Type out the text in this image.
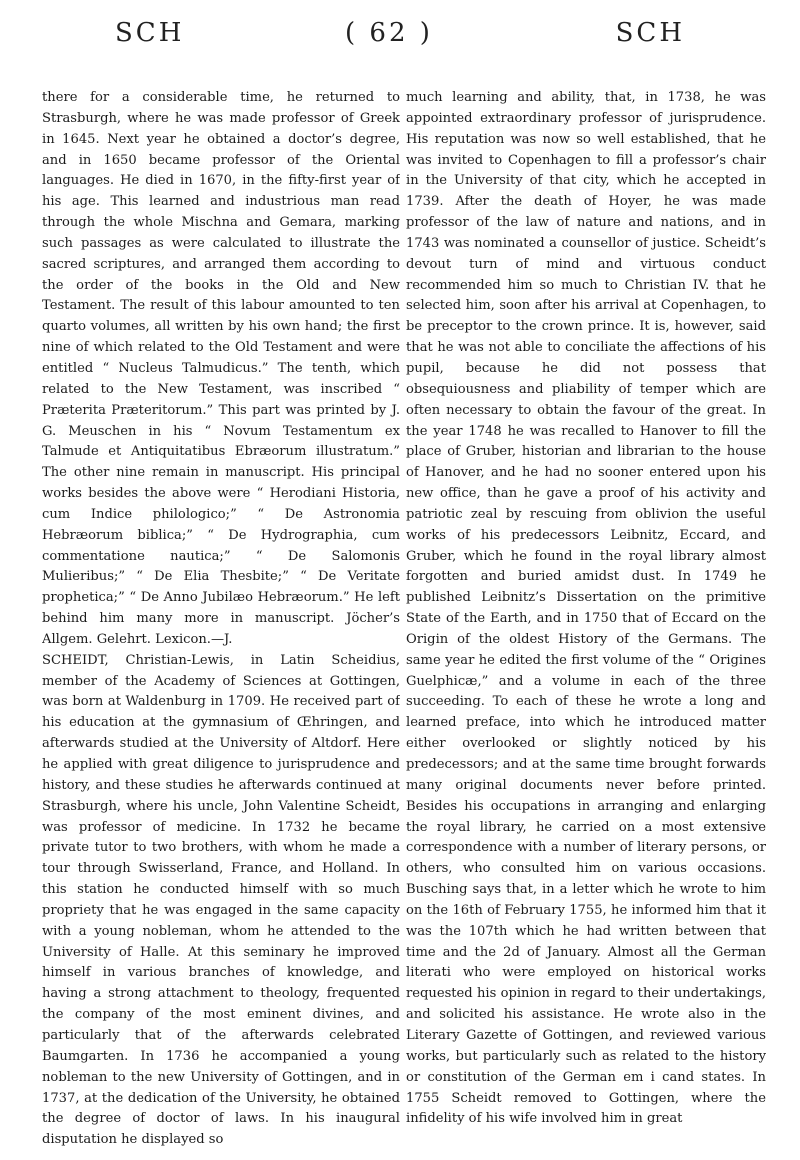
SCH	( 62 )	SCH

there for a considerable time, he returned to Strasburgh, where he was made professor of Greek in 1645. Next year he obtained a doctor’s degree, and in 1650 became professor of the Oriental languages. He died in 1670, in the fifty-first year of his age. This learned and industrious man read through the whole Mischna and Gemara, marking such passages as were calculated to illustrate the sacred scriptures, and arranged them according to the order of the books in the Old and New Testament. The result of this labour amounted to ten quarto volumes, all written by his own hand; the first nine of which related to the Old Testament and were entitled “ Nucleus Talmudicus.” The tenth, which related to the New Testament, was inscribed “ Præterita Præteritorum.” This part was printed by J. G. Meuschen in his “ Novum Testamentum ex Talmude et Antiquitatibus Ebræorum illustratum.” The other nine remain in manuscript. His principal works besides the above were “ Herodiani Historia, cum Indice philologico;” “ De Astronomia Hebræorum biblica;” “ De Hydrographia, cum commentatione nautica;” “ De Salomonis Mulieribus;” “ De Elia Thesbite;” “ De Veritate prophetica;” “ De Anno Jubilæo Hebræorum.” He left behind him many more in manuscript. Jöcher’s Allgem. Gelehrt. Lexicon.—J.

SCHEIDT, Christian-Lewis, in Latin Scheidius, member of the Academy of Sciences at Gottingen, was born at Waldenburg in 1709. He received part of his education at the gymnasium of Œhringen, and afterwards studied at the University of Altdorf. Here he applied with great diligence to jurisprudence and history, and these studies he afterwards continued at Strasburgh, where his uncle, John Valentine Scheidt, was professor of medicine. In 1732 he became private tutor to two brothers, with whom he made a tour through Swisserland, France, and Holland. In this station he conducted himself with so much propriety that he was engaged in the same capacity with a young nobleman, whom he attended to the University of Halle. At this seminary he improved himself in various branches of knowledge, and having a strong attachment to theology, frequented the company of the most eminent divines, and particularly that of the afterwards celebrated Baumgarten. In 1736 he accompanied a young nobleman to the new University of Gottingen, and in 1737, at the dedication of the University, he obtained the degree of doctor of laws. In his inaugural disputation he displayed so

much learning and ability, that, in 1738, he was appointed extraordinary professor of jurisprudence. His reputation was now so well established, that he was invited to Copenhagen to fill a professor’s chair in the University of that city, which he accepted in 1739. After the death of Hoyer, he was made professor of the law of nature and nations, and in 1743 was nominated a counsellor of justice. Scheidt’s devout turn of mind and virtuous conduct recommended him so much to Christian IV. that he selected him, soon after his arrival at Copenhagen, to be preceptor to the crown prince. It is, however, said that he was not able to conciliate the affections of his pupil, because he did not possess that obsequiousness and pliability of temper which are often necessary to obtain the favour of the great. In the year 1748 he was recalled to Hanover to fill the place of Gruber, historian and librarian to the house of Hanover, and he had no sooner entered upon his new office, than he gave a proof of his activity and patriotic zeal by rescuing from oblivion the useful works of his predecessors Leibnitz, Eccard, and Gruber, which he found in the royal library almost forgotten and buried amidst dust. In 1749 he published Leibnitz’s Dissertation on the primitive State of the Earth, and in 1750 that of Eccard on the Origin of the oldest History of the Germans. The same year he edited the first volume of the “ Origines Guelphicæ,” and a volume in each of the three succeeding. To each of these he wrote a long and learned preface, into which he introduced matter either overlooked or slightly noticed by his predecessors; and at the same time brought forwards many original documents never before printed. Besides his occupations in arranging and enlarging the royal library, he carried on a most extensive correspondence with a number of literary persons, or others, who consulted him on various occasions. Busching says that, in a letter which he wrote to him on the 16th of February 1755, he informed him that it was the 107th which he had written between that time and the 2d of January. Almost all the German literati who were employed on historical works requested his opinion in regard to their undertakings, and solicited his assistance. He wrote also in the Literary Gazette of Gottingen, and reviewed various works, but particularly such as related to the history or constitution of the German em i cand states. In 1755 Scheidt removed to Gottingen, where the infidelity of his wife involved him in great
